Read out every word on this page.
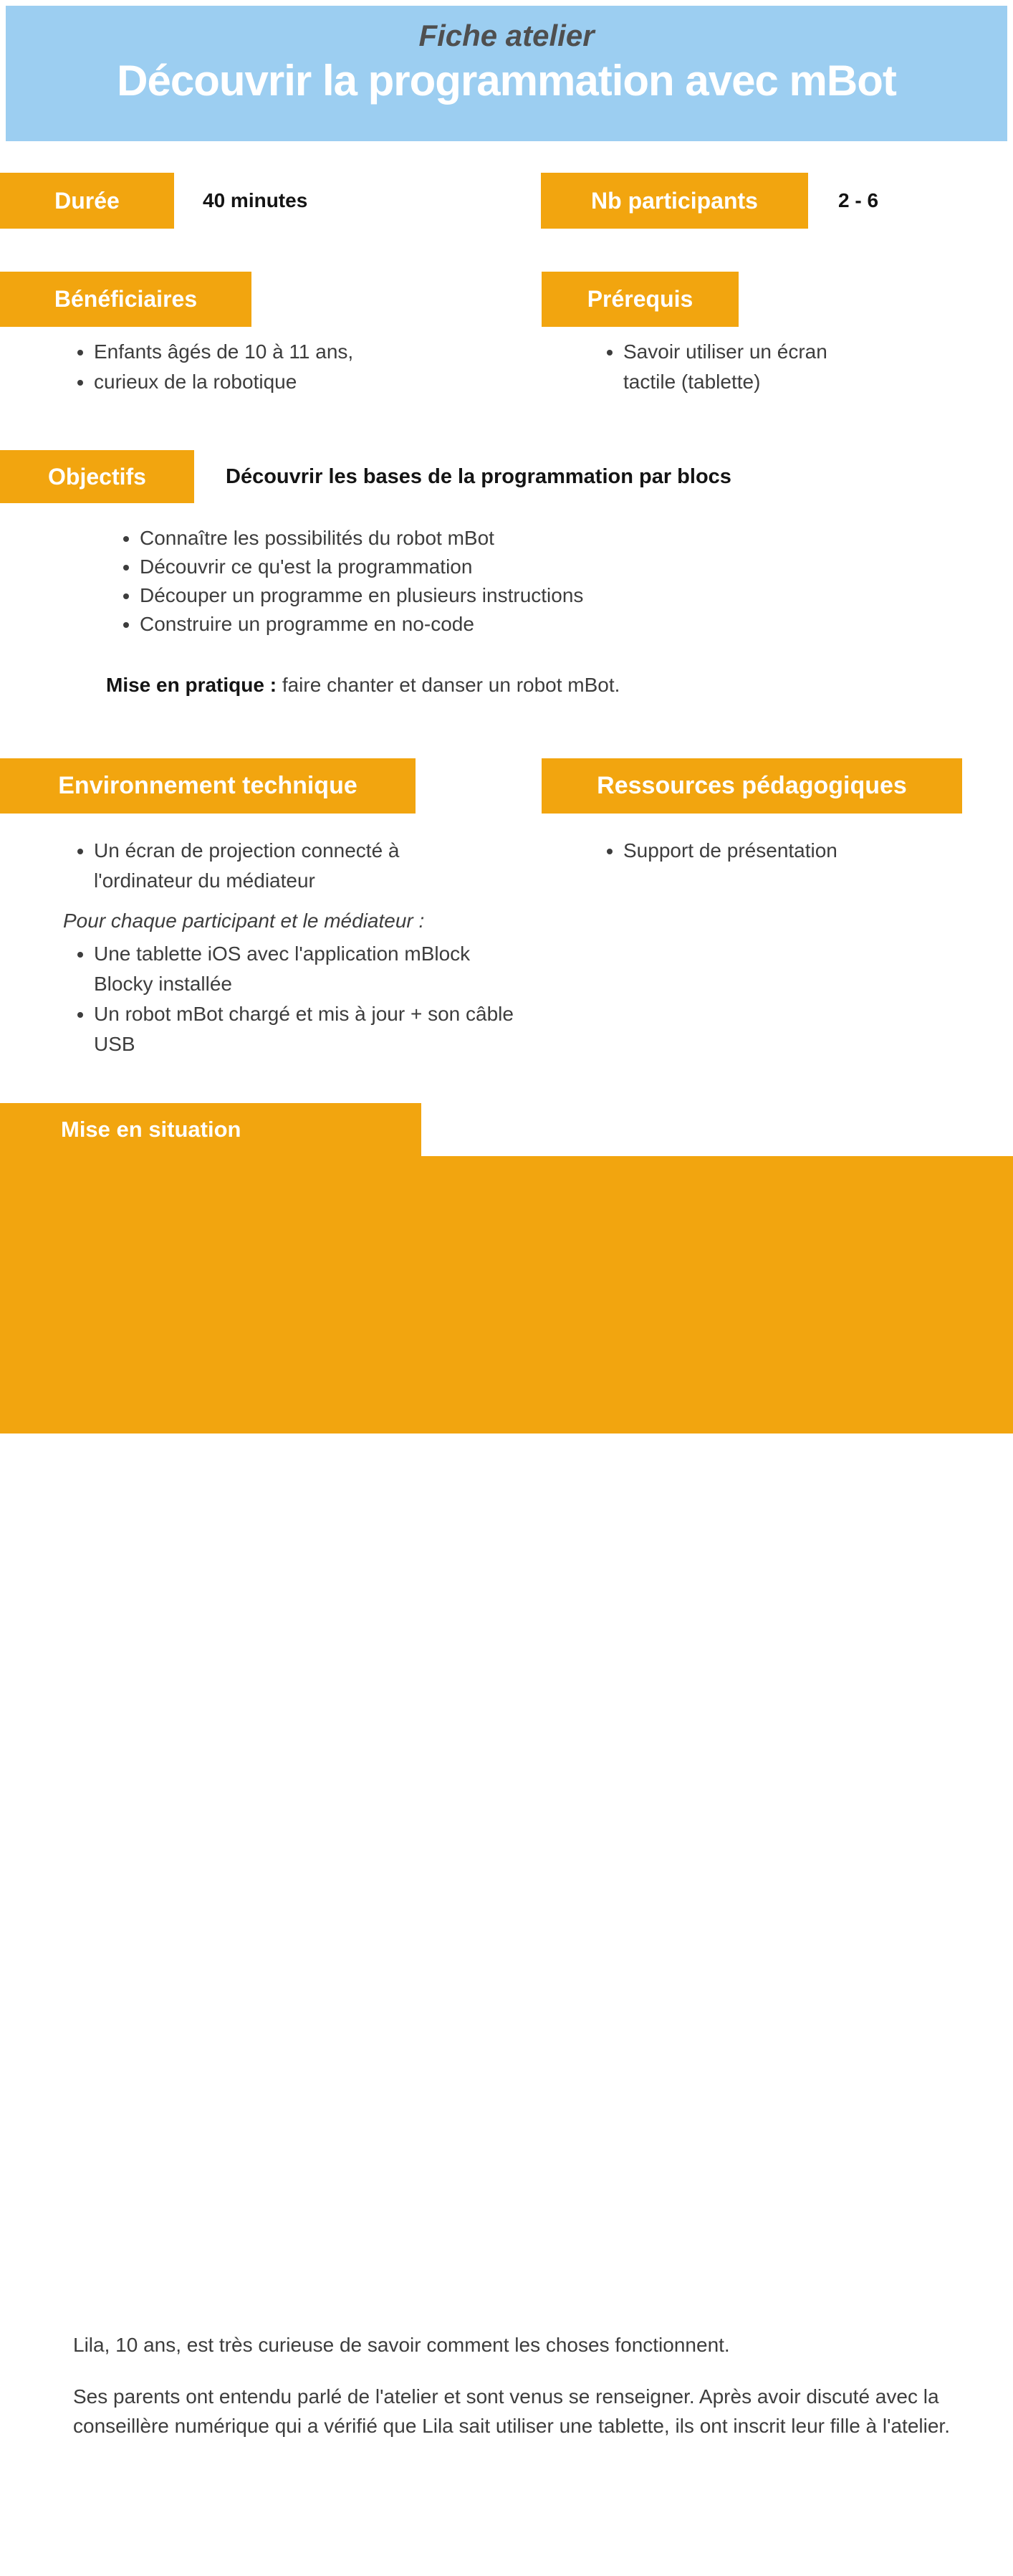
Fiche atelier
Découvrir la programmation avec mBot
Durée	40 minutes	Nb participants	2 - 6
Bénéficiaires	Prérequis
• Enfants âgés de 10 à 11 ans,
• curieux de la robotique
• Savoir utiliser un écran tactile (tablette)
Objectifs	Découvrir les bases de la programmation par blocs
• Connaître les possibilités du robot mBot
• Découvrir ce qu'est la programmation
• Découper un programme en plusieurs instructions
• Construire un programme en no-code
Mise en pratique : faire chanter et danser un robot mBot.
Environnement technique	Ressources pédagogiques
• Un écran de projection connecté à l'ordinateur du médiateur

Pour chaque participant et le médiateur :

• Une tablette iOS avec l'application mBlock Blocky installée
• Un robot mBot chargé et mis à jour + son câble USB
• Support de présentation
Mise en situation

Lila, 10 ans, est très curieuse de savoir comment les choses fonctionnent.

Ses parents ont entendu parlé de l'atelier et sont venus se renseigner. Après avoir discuté avec la conseillère numérique qui a vérifié que Lila sait utiliser une tablette, ils ont inscrit leur fille à l'atelier.
